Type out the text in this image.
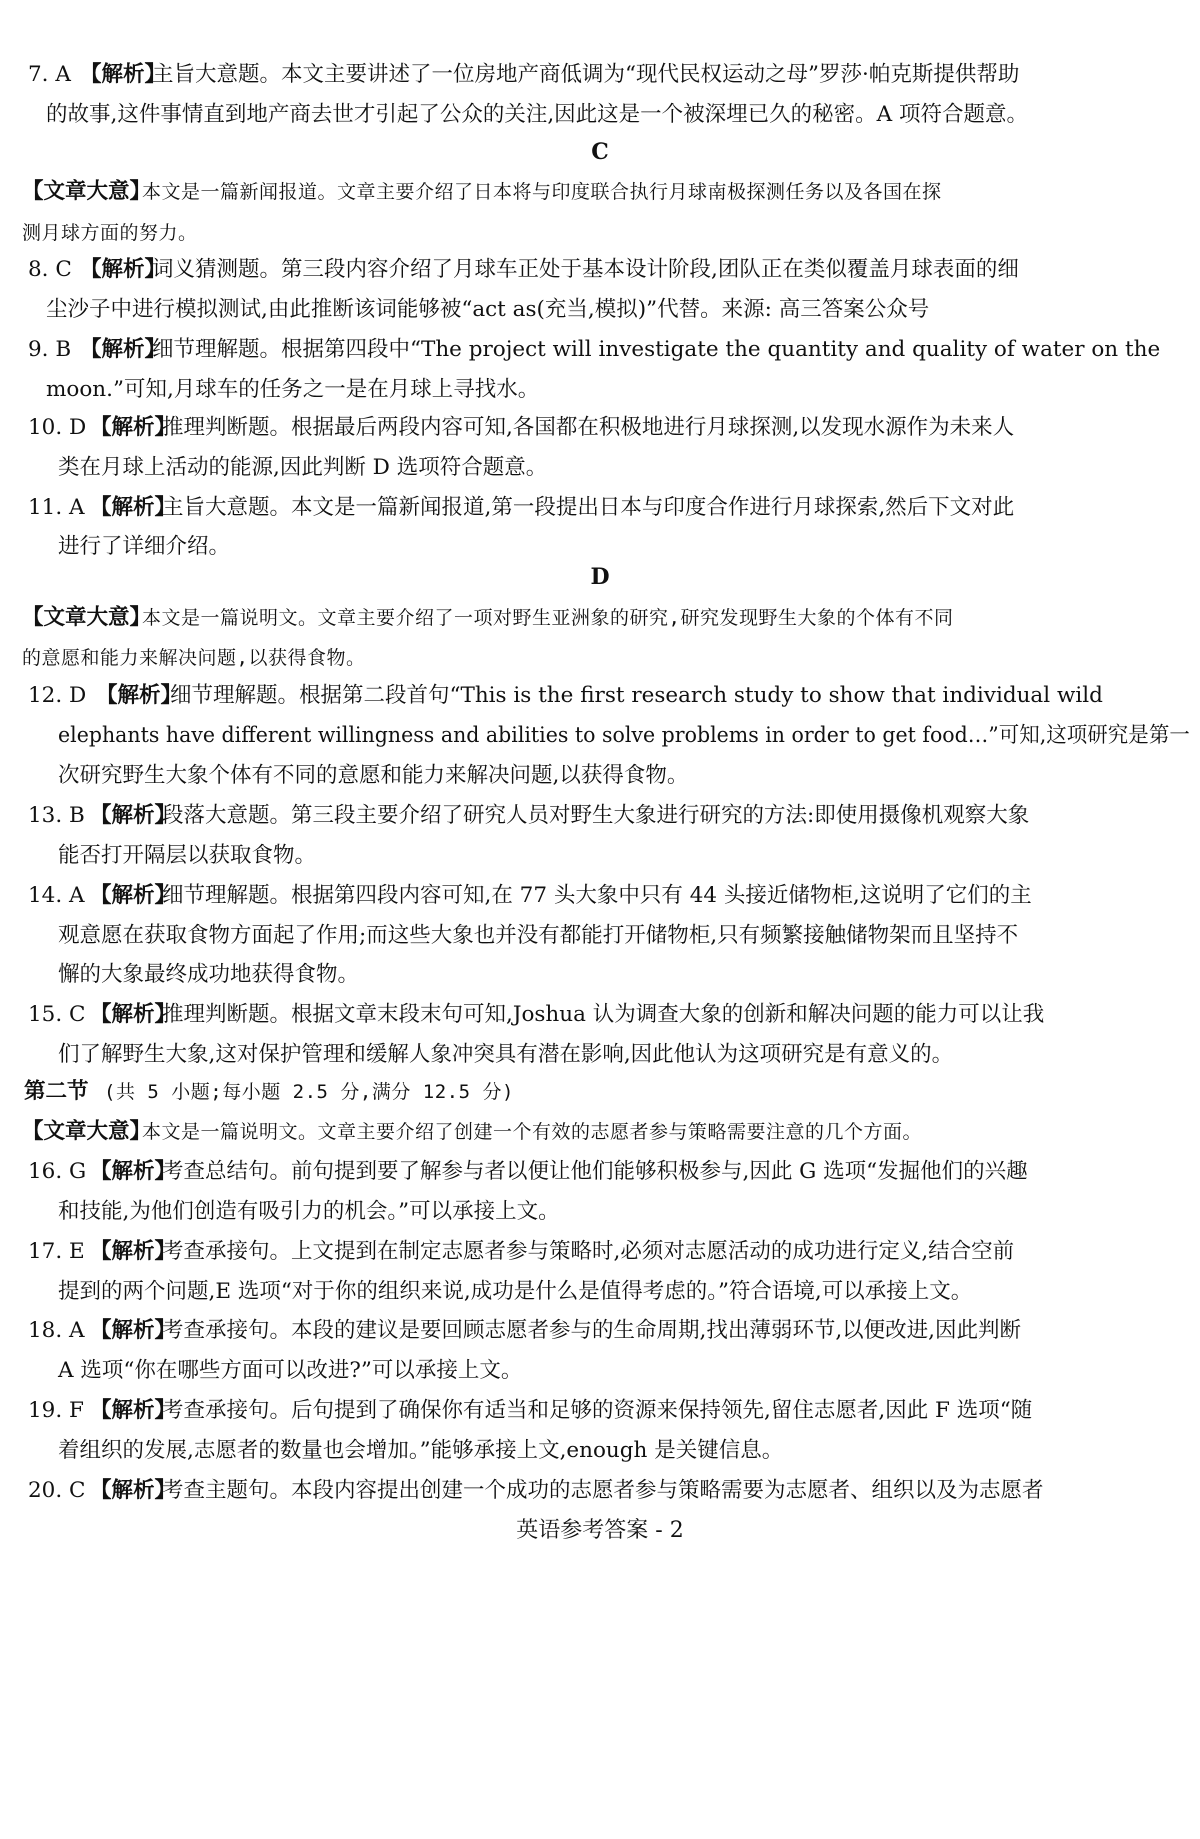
7. A 【解析】
主旨大意题。本文主要讲述了一位房地产商低调为“现代民权运动之母”罗莎·帕克斯提供帮助
的故事,这件事情直到地产商去世才引起了公众的关注,因此这是一个被深埋已久的秘密。A 项符合题意。
C
【文章大意】
本文是一篇新闻报道。文章主要介绍了日本将与印度联合执行月球南极探测任务以及各国在探
测月球方面的努力。
8. C 【解析】
词义猜测题。第三段内容介绍了月球车正处于基本设计阶段,团队正在类似覆盖月球表面的细
尘沙子中进行模拟测试,由此推断该词能够被“act as(充当,模拟)”代替。来源: 高三答案公众号
9. B 【解析】
细节理解题。根据第四段中“The project will investigate the quantity and quality of water on the
moon.”可知,月球车的任务之一是在月球上寻找水。
10. D 【解析】
推理判断题。根据最后两段内容可知,各国都在积极地进行月球探测,以发现水源作为未来人
类在月球上活动的能源,因此判断 D 选项符合题意。
11. A 【解析】
主旨大意题。本文是一篇新闻报道,第一段提出日本与印度合作进行月球探索,然后下文对此
进行了详细介绍。
D
【文章大意】
本文是一篇说明文。文章主要介绍了一项对野生亚洲象的研究,研究发现野生大象的个体有不同
的意愿和能力来解决问题,以获得食物。
12. D 【解析】
细节理解题。根据第二段首句“This is the first research study to show that individual wild
elephants have different willingness and abilities to solve problems in order to get food…”可知,这项研究是第一
次研究野生大象个体有不同的意愿和能力来解决问题,以获得食物。
13. B 【解析】
段落大意题。第三段主要介绍了研究人员对野生大象进行研究的方法:即使用摄像机观察大象
能否打开隔层以获取食物。
14. A 【解析】
细节理解题。根据第四段内容可知,在 77 头大象中只有 44 头接近储物柜,这说明了它们的主
观意愿在获取食物方面起了作用;而这些大象也并没有都能打开储物柜,只有频繁接触储物架而且坚持不
懈的大象最终成功地获得食物。
15. C 【解析】
推理判断题。根据文章末段末句可知,Joshua 认为调查大象的创新和解决问题的能力可以让我
们了解野生大象,这对保护管理和缓解人象冲突具有潜在影响,因此他认为这项研究是有意义的。
第二节 (共 5 小题;每小题 2.5 分,满分 12.5 分)
【文章大意】
本文是一篇说明文。文章主要介绍了创建一个有效的志愿者参与策略需要注意的几个方面。
16. G 【解析】
考查总结句。前句提到要了解参与者以便让他们能够积极参与,因此 G 选项“发掘他们的兴趣
和技能,为他们创造有吸引力的机会。”可以承接上文。
17. E 【解析】
考查承接句。上文提到在制定志愿者参与策略时,必须对志愿活动的成功进行定义,结合空前
提到的两个问题,E 选项“对于你的组织来说,成功是什么是值得考虑的。”符合语境,可以承接上文。
18. A 【解析】
考查承接句。本段的建议是要回顾志愿者参与的生命周期,找出薄弱环节,以便改进,因此判断
A 选项“你在哪些方面可以改进?”可以承接上文。
19. F 【解析】
考查承接句。后句提到了确保你有适当和足够的资源来保持领先,留住志愿者,因此 F 选项“随
着组织的发展,志愿者的数量也会增加。”能够承接上文,enough 是关键信息。
20. C 【解析】
考查主题句。本段内容提出创建一个成功的志愿者参与策略需要为志愿者、组织以及为志愿者
英语参考答案 - 2
